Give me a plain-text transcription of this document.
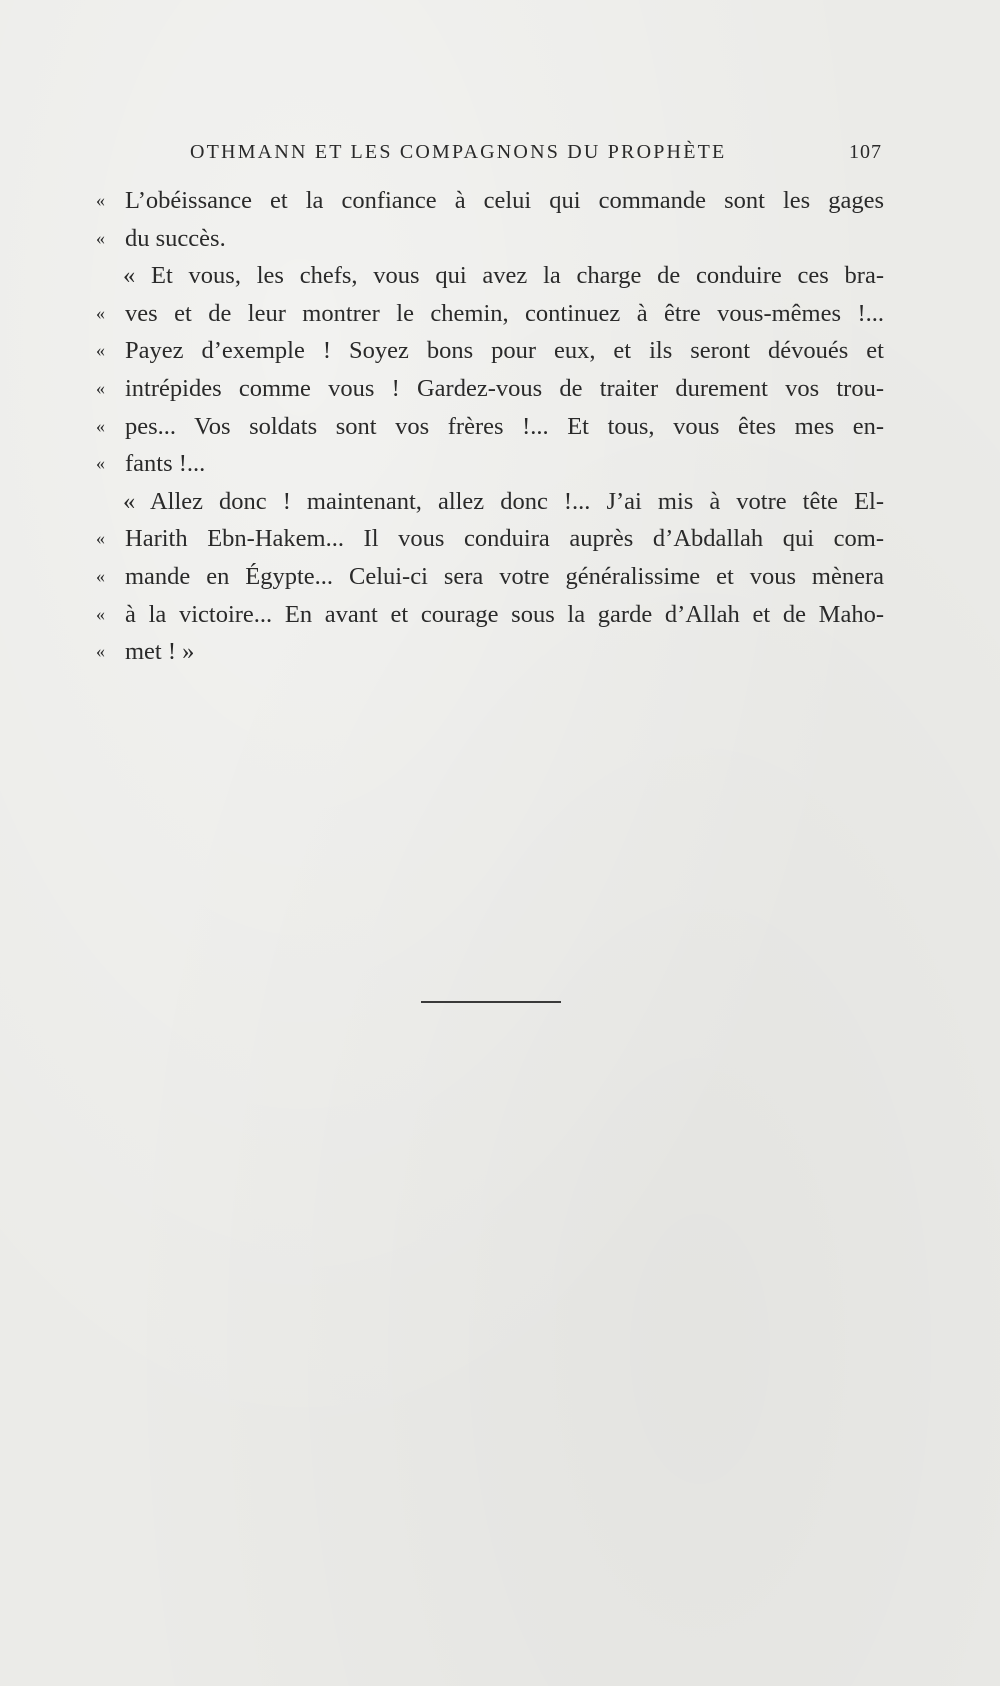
OTHMANN ET LES COMPAGNONS DU PROPHÈTE	107
« L’obéissance et la confiance à celui qui commande sont les gages
« du succès.
« Et vous, les chefs, vous qui avez la charge de conduire ces bra-
« ves et de leur montrer le chemin, continuez à être vous-mêmes !...
« Payez d’exemple ! Soyez bons pour eux, et ils seront dévoués et
« intrépides comme vous ! Gardez-vous de traiter durement vos trou-
« pes... Vos soldats sont vos frères !... Et tous, vous êtes mes en-
« fants !...
« Allez donc ! maintenant, allez donc !... J’ai mis à votre tête El-
« Harith Ebn-Hakem... Il vous conduira auprès d’Abdallah qui com-
« mande en Égypte... Celui-ci sera votre généralissime et vous mènera
« à la victoire... En avant et courage sous la garde d’Allah et de Maho-
« met ! »
